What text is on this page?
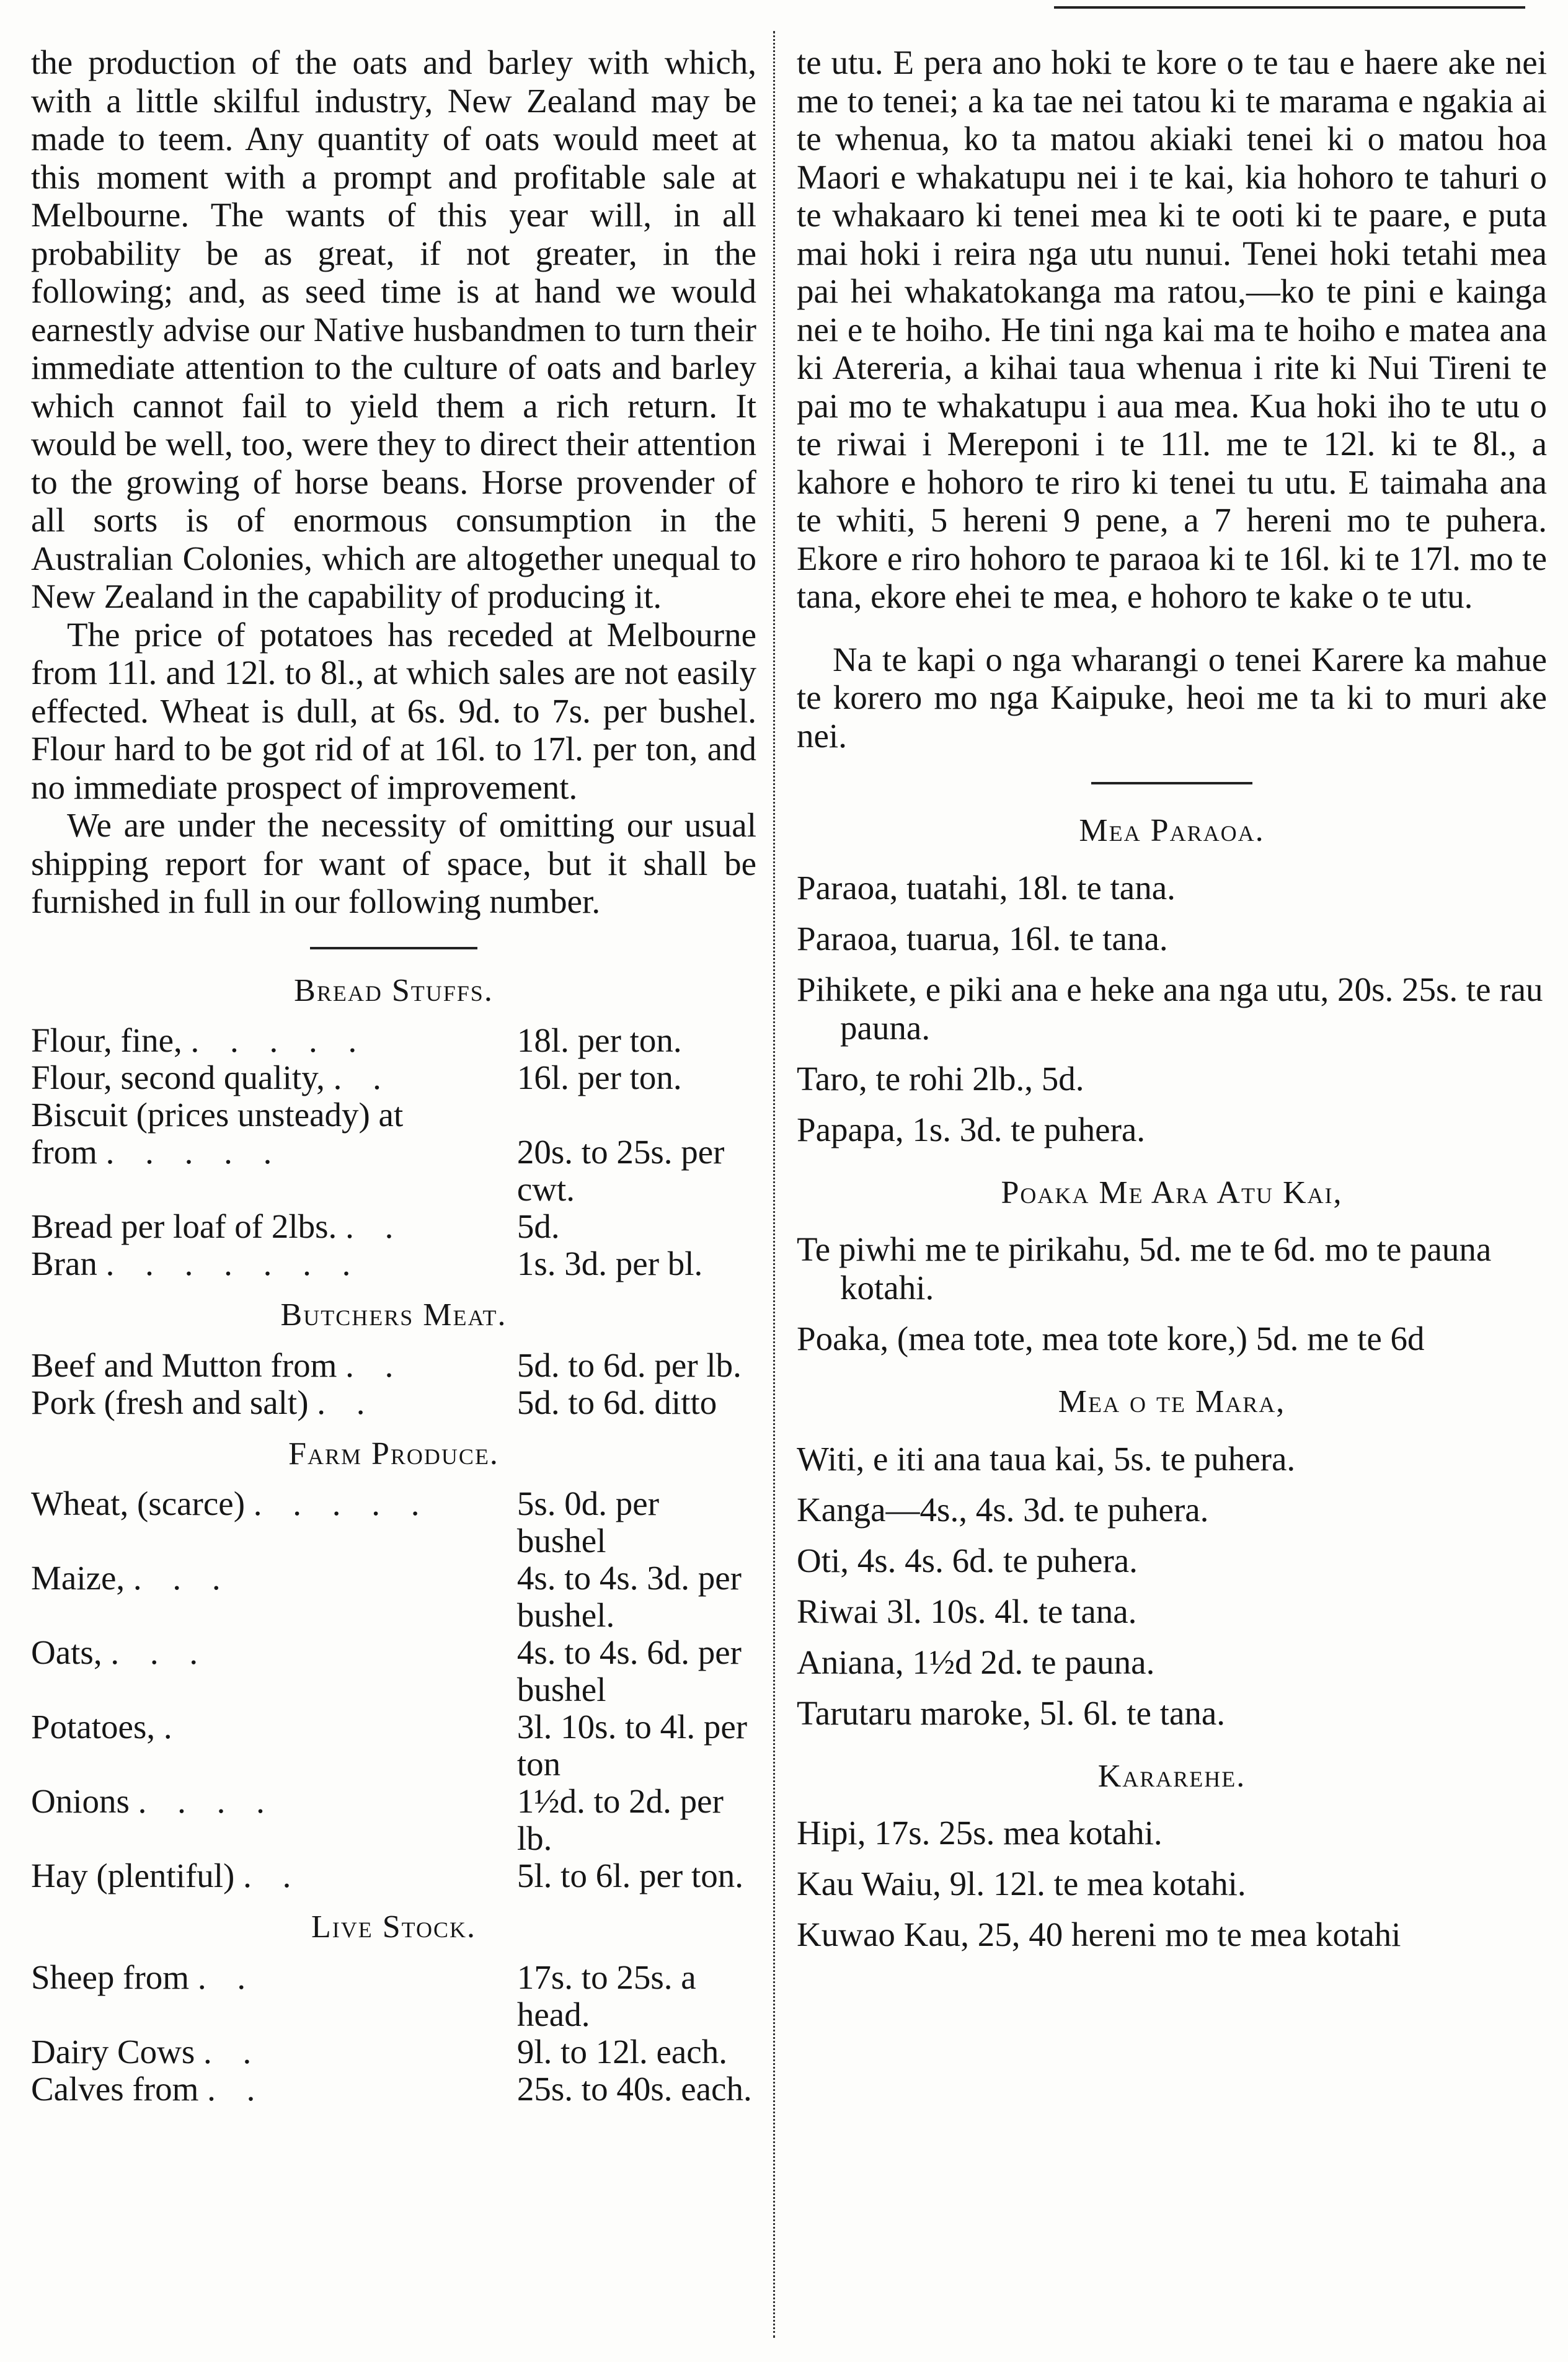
the production of the oats and barley with which, with a little skilful industry, New Zealand may be made to teem. Any quantity of oats would meet at this moment with a prompt and profitable sale at Melbourne. The wants of this year will, in all probability be as great, if not greater, in the following; and, as seed time is at hand we would earnestly advise our Native husbandmen to turn their immediate attention to the culture of oats and barley which cannot fail to yield them a rich return. It would be well, too, were they to direct their attention to the growing of horse beans. Horse provender of all sorts is of enormous consumption in the Australian Colonies, which are altogether unequal to New Zealand in the capability of producing it.

The price of potatoes has receded at Melbourne from 11l. and 12l. to 8l., at which sales are not easily effected. Wheat is dull, at 6s. 9d. to 7s. per bushel. Flour hard to be got rid of at 16l. to 17l. per ton, and no immediate prospect of improvement.

We are under the necessity of omitting our usual shipping report for want of space, but it shall be furnished in full in our following number.

Bread Stuffs.
Flour, fine, . . . . .	18l. per ton.
Flour, second quality, . .	16l. per ton.
Biscuit (prices unsteady) at	
from . . . . .	20s. to 25s. per cwt.
Bread per loaf of 2lbs. . .	5d.
Bran . . . . . . .	1s. 3d. per bl.
Butchers Meat.
Beef and Mutton from . .	5d. to 6d. per lb.
Pork (fresh and salt) . .	5d. to 6d. ditto
Farm Produce.
Wheat, (scarce) . . . . .	5s. 0d. per bushel
Maize, . . .	4s. to 4s. 3d. per bushel.
Oats, . . .	4s. to 4s. 6d. per bushel
Potatoes, .	3l. 10s. to 4l. per ton
Onions . . . .	1½d. to 2d. per lb.
Hay (plentiful) . .	5l. to 6l. per ton.
Live Stock.
Sheep from . .	17s. to 25s. a head.
Dairy Cows . .	9l. to 12l. each.
Calves from . .	25s. to 40s. each.

te utu. E pera ano hoki te kore o te tau e haere ake nei me to tenei; a ka tae nei tatou ki te marama e ngakia ai te whenua, ko ta matou akiaki tenei ki o matou hoa Maori e whakatupu nei i te kai, kia hohoro te tahuri o te whakaaro ki tenei mea ki te ooti ki te paare, e puta mai hoki i reira nga utu nunui. Tenei hoki tetahi mea pai hei whakatokanga ma ratou,—ko te pini e kainga nei e te hoiho. He tini nga kai ma te hoiho e matea ana ki Atereria, a kihai taua whenua i rite ki Nui Tireni te pai mo te whakatupu i aua mea. Kua hoki iho te utu o te riwai i Mereponi i te 11l. me te 12l. ki te 8l., a kahore e hohoro te riro ki tenei tu utu. E taimaha ana te whiti, 5 hereni 9 pene, a 7 hereni mo te puhera. Ekore e riro hohoro te paraoa ki te 16l. ki te 17l. mo te tana, ekore ehei te mea, e hohoro te kake o te utu.

Na te kapi o nga wharangi o tenei Karere ka mahue te korero mo nga Kaipuke, heoi me ta ki to muri ake nei.

Mea Paraoa.

Paraoa, tuatahi, 18l. te tana.

Paraoa, tuarua, 16l. te tana.

Pihikete, e piki ana e heke ana nga utu, 20s. 25s. te rau pauna.

Taro, te rohi 2lb., 5d.

Papapa, 1s. 3d. te puhera.

Poaka Me Ara Atu Kai,

Te piwhi me te pirikahu, 5d. me te 6d. mo te pauna kotahi.

Poaka, (mea tote, mea tote kore,) 5d. me te 6d

Mea o te Mara,

Witi, e iti ana taua kai, 5s. te puhera.

Kanga—4s., 4s. 3d. te puhera.

Oti, 4s. 4s. 6d. te puhera.

Riwai 3l. 10s. 4l. te tana.

Aniana, 1½d 2d. te pauna.

Tarutaru maroke, 5l. 6l. te tana.

Kararehe.

Hipi, 17s. 25s. mea kotahi.

Kau Waiu, 9l. 12l. te mea kotahi.

Kuwao Kau, 25, 40 hereni mo te mea kotahi
